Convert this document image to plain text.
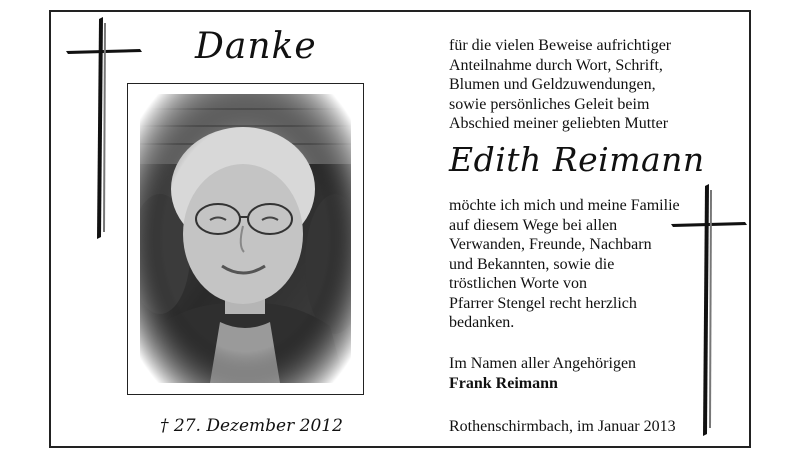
Danke	für die vielen Beweise aufrichtiger
Anteilnahme durch Wort, Schrift,
Blumen und Geldzuwendungen,
sowie persönliches Geleit beim
Abschied meiner geliebten Mutter
Edith Reimann
möchte ich mich und meine Familie
auf diesem Wege bei allen
Verwanden, Freunde, Nachbarn
und Bekannten, sowie die
tröstlichen Worte von
Pfarrer Stengel recht herzlich
bedanken.
Im Namen aller Angehörigen
Frank Reimann
† 27. Dezember 2012	Rothenschirmbach, im Januar 2013
